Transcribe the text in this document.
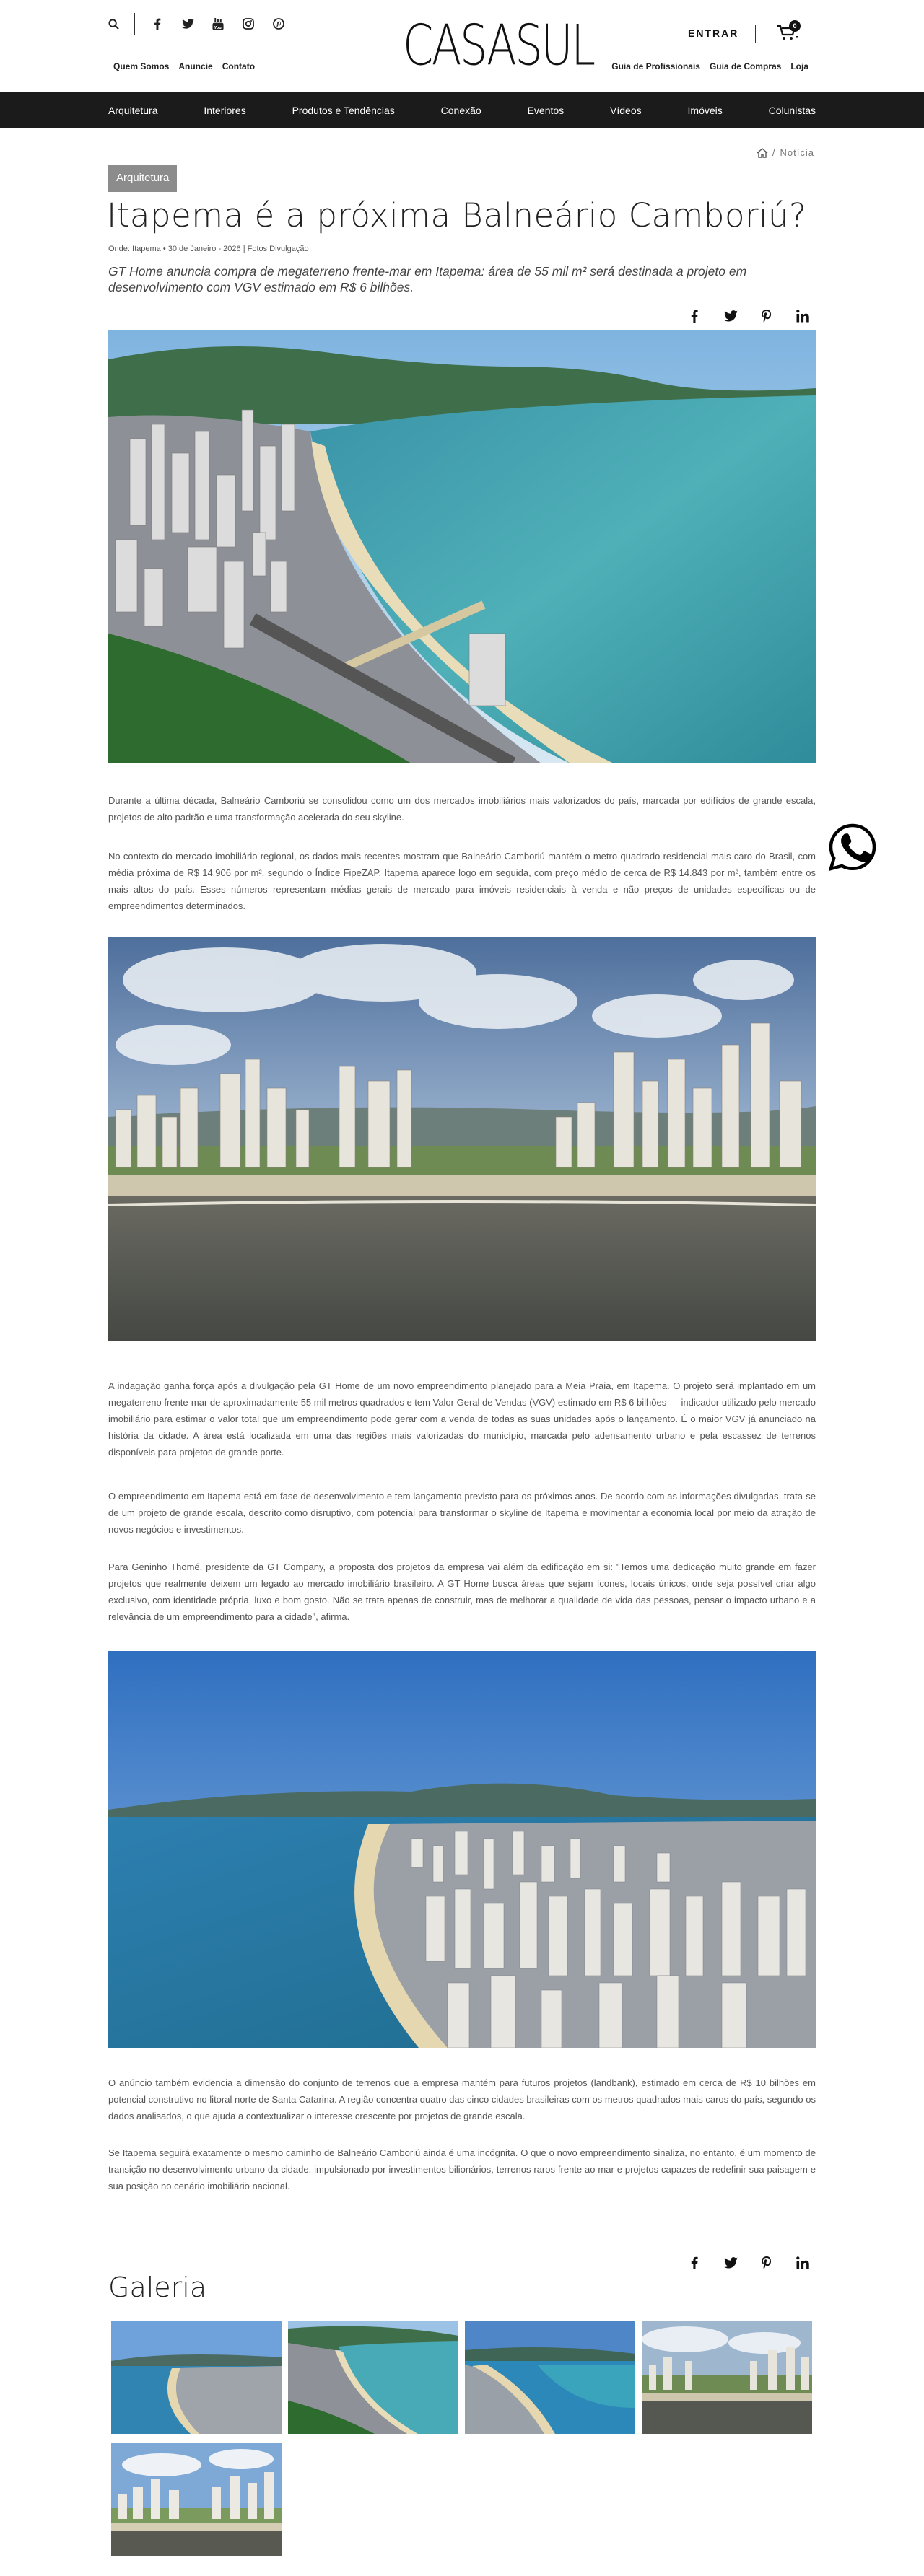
You	CASASUL
Quem Somos Anuncie Contato
ENTRAR
0
Guia de Profissionais Guia de Compras Loja
Arquitetura	Interiores	Produtos e Tendências	Conexão	Eventos	Vídeos	Imóveis	Colunistas
/ Notícia
Arquitetura
Itapema é a próxima Balneário Camboriú?
Onde: Itapema • 30 de Janeiro - 2026 | Fotos Divulgação

GT Home anuncia compra de megaterreno frente-mar em Itapema: área de 55 mil m² será destinada a projeto em desenvolvimento com VGV estimado em R$ 6 bilhões.

Durante a última década, Balneário Camboriú se consolidou como um dos mercados imobiliários mais valorizados do país, marcada por edifícios de grande escala, projetos de alto padrão e uma transformação acelerada do seu skyline.

No contexto do mercado imobiliário regional, os dados mais recentes mostram que Balneário Camboriú mantém o metro quadrado residencial mais caro do Brasil, com média próxima de R$ 14.906 por m², segundo o Índice FipeZAP. Itapema aparece logo em seguida, com preço médio de cerca de R$ 14.843 por m², também entre os mais altos do país. Esses números representam médias gerais de mercado para imóveis residenciais à venda e não preços de unidades específicas ou de empreendimentos determinados.

A indagação ganha força após a divulgação pela GT Home de um novo empreendimento planejado para a Meia Praia, em Itapema. O projeto será implantado em um megaterreno frente-mar de aproximadamente 55 mil metros quadrados e tem Valor Geral de Vendas (VGV) estimado em R$ 6 bilhões — indicador utilizado pelo mercado imobiliário para estimar o valor total que um empreendimento pode gerar com a venda de todas as suas unidades após o lançamento. É o maior VGV já anunciado na história da cidade. A área está localizada em uma das regiões mais valorizadas do município, marcada pelo adensamento urbano e pela escassez de terrenos disponíveis para projetos de grande porte.

O empreendimento em Itapema está em fase de desenvolvimento e tem lançamento previsto para os próximos anos. De acordo com as informações divulgadas, trata-se de um projeto de grande escala, descrito como disruptivo, com potencial para transformar o skyline de Itapema e movimentar a economia local por meio da atração de novos negócios e investimentos.

Para Geninho Thomé, presidente da GT Company, a proposta dos projetos da empresa vai além da edificação em si: "Temos uma dedicação muito grande em fazer projetos que realmente deixem um legado ao mercado imobiliário brasileiro. A GT Home busca áreas que sejam ícones, locais únicos, onde seja possível criar algo exclusivo, com identidade própria, luxo e bom gosto. Não se trata apenas de construir, mas de melhorar a qualidade de vida das pessoas, pensar o impacto urbano e a relevância de um empreendimento para a cidade", afirma.

O anúncio também evidencia a dimensão do conjunto de terrenos que a empresa mantém para futuros projetos (landbank), estimado em cerca de R$ 10 bilhões em potencial construtivo no litoral norte de Santa Catarina. A região concentra quatro das cinco cidades brasileiras com os metros quadrados mais caros do país, segundo os dados analisados, o que ajuda a contextualizar o interesse crescente por projetos de grande escala.

Se Itapema seguirá exatamente o mesmo caminho de Balneário Camboriú ainda é uma incógnita. O que o novo empreendimento sinaliza, no entanto, é um momento de transição no desenvolvimento urbano da cidade, impulsionado por investimentos bilionários, terrenos raros frente ao mar e projetos capazes de redefinir sua paisagem e sua posição no cenário imobiliário nacional.

Galeria
